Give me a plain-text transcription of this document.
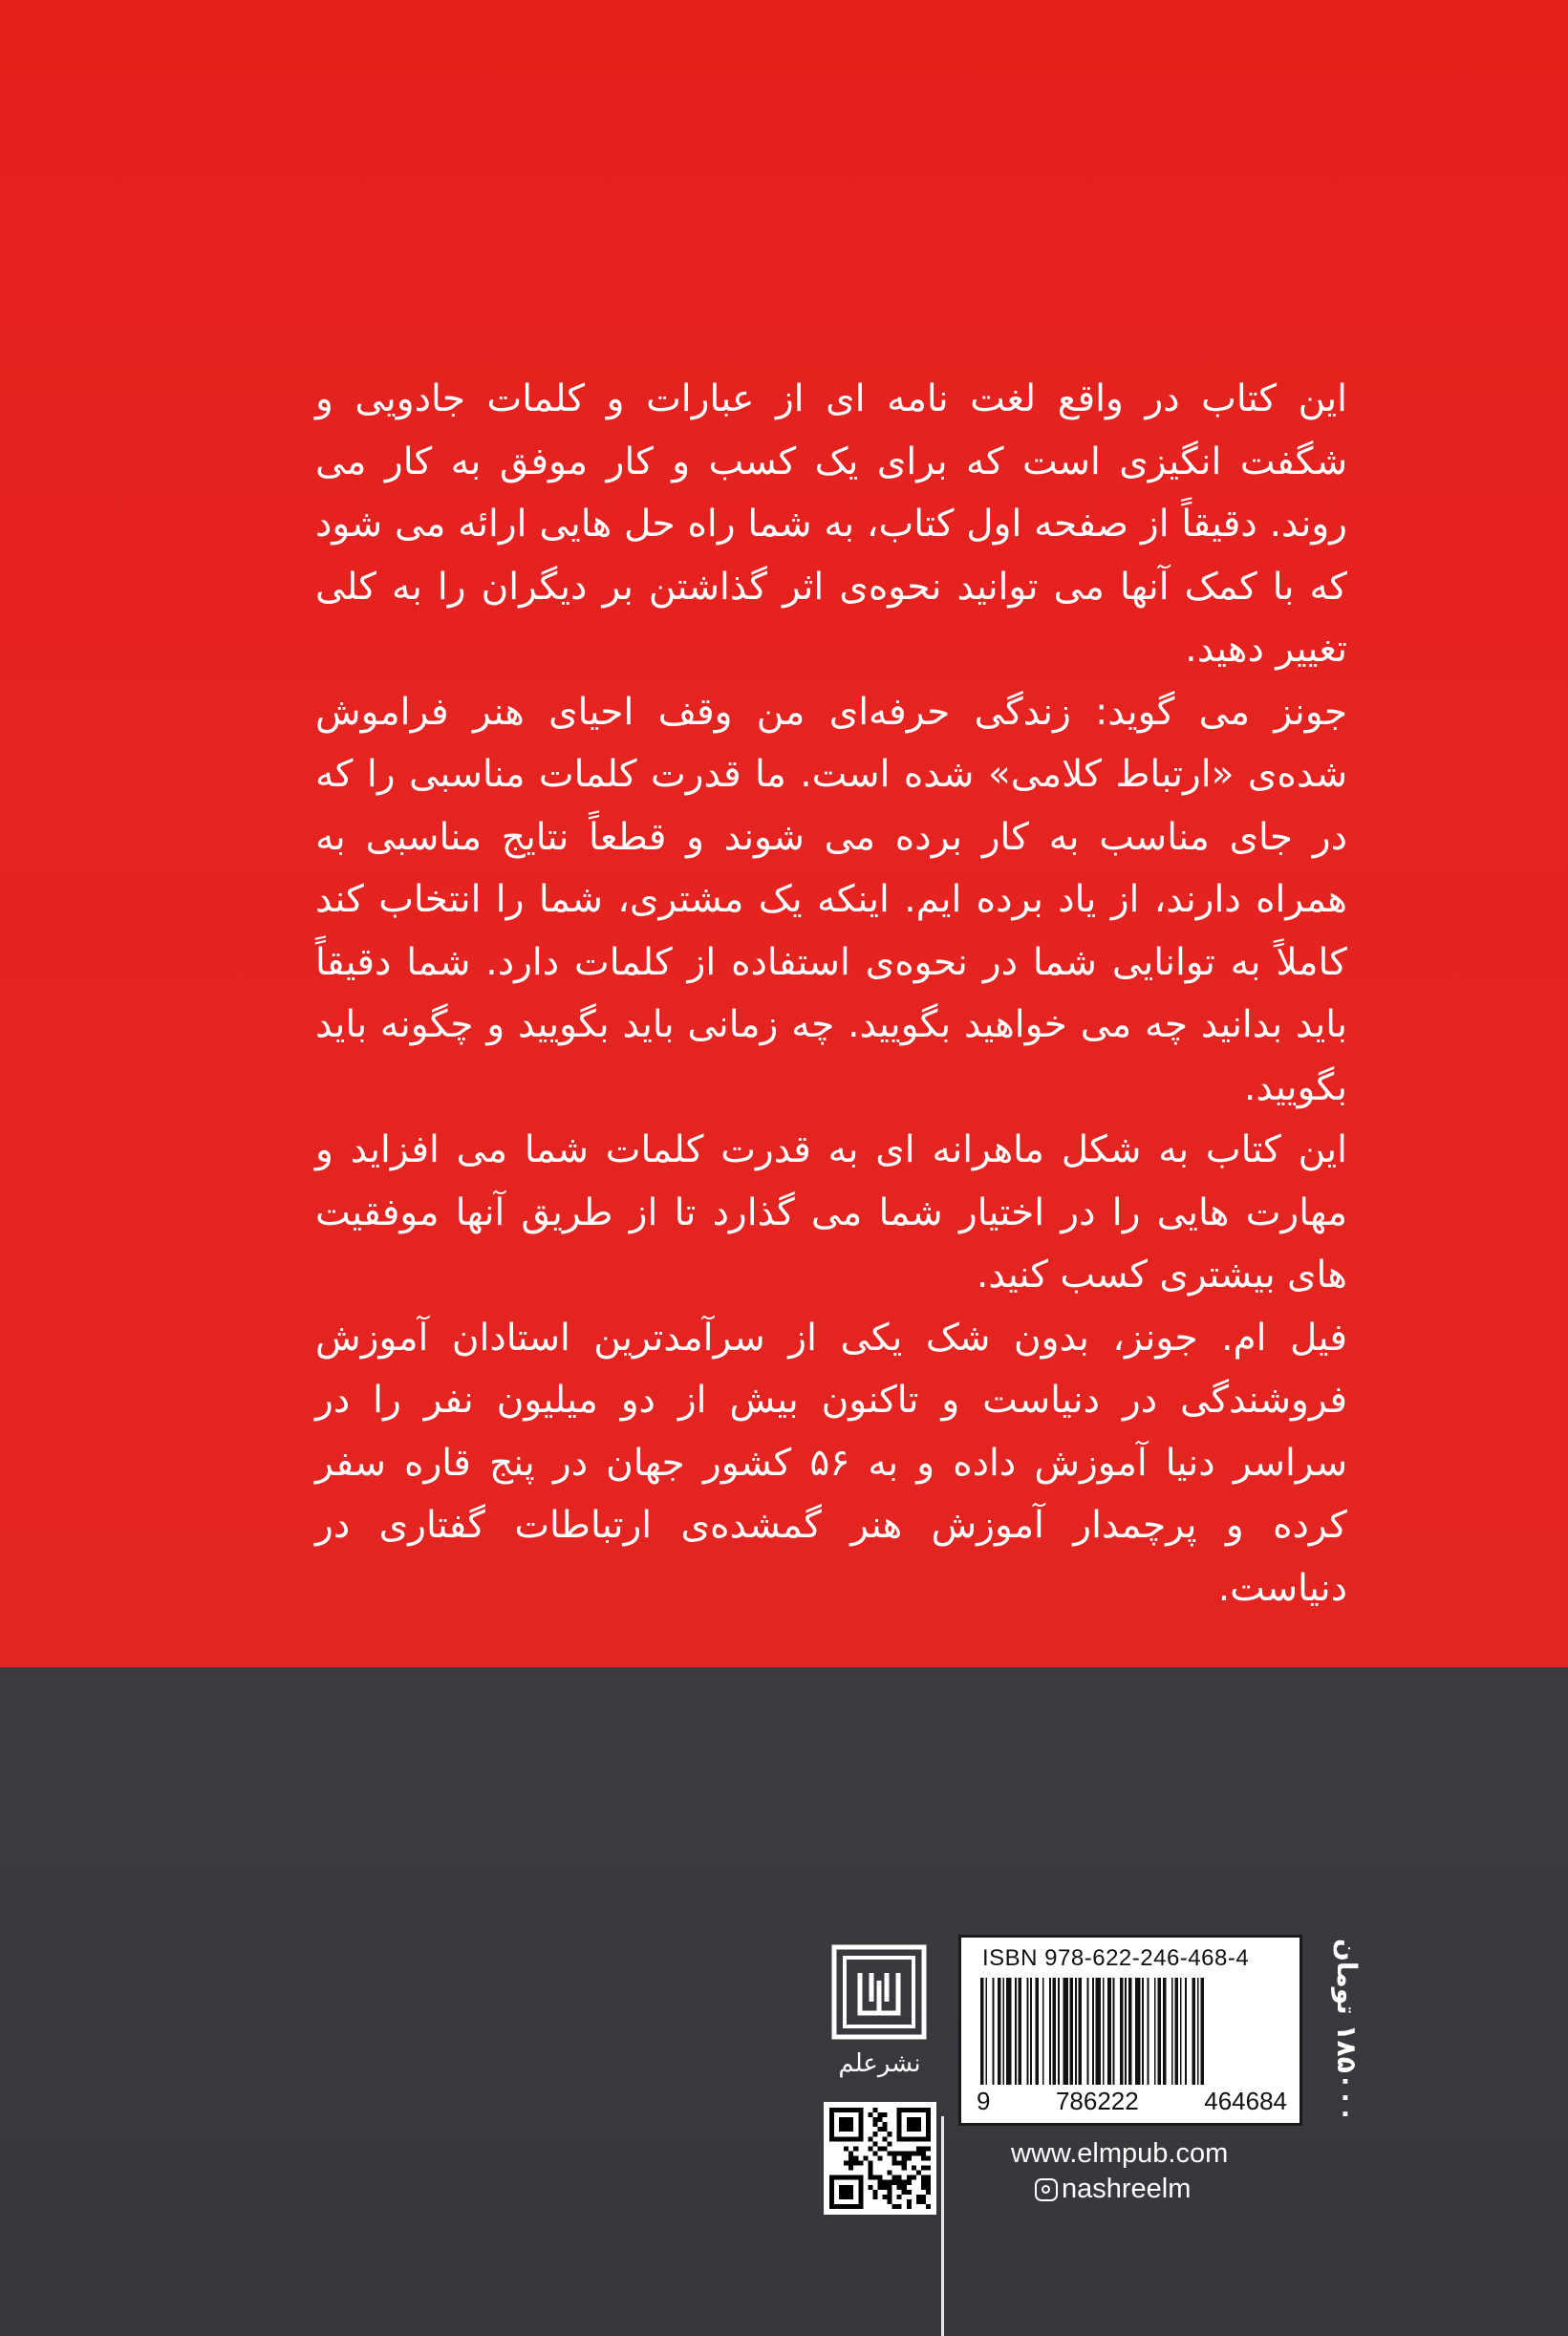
این کتاب در واقع لغت نامه ای از عبارات و کلمات جادویی و شگفت انگیزی است که برای یک کسب و کار موفق به کار می روند. دقیقاً از صفحه اول کتاب، به شما راه حل هایی ارائه می شود که با کمک آنها می توانید نحوه‌ی اثر گذاشتن بر دیگران را به کلی تغییر دهید.

جونز می گوید: زندگی حرفه‌ای من وقف احیای هنر فراموش شده‌ی «ارتباط کلامی» شده است. ما قدرت کلمات مناسبی را که در جای مناسب به کار برده می شوند و قطعاً نتایج مناسبی به همراه دارند، از یاد برده ایم. اینکه یک مشتری، شما را انتخاب کند کاملاً به توانایی شما در نحوه‌ی استفاده از کلمات دارد. شما دقیقاً باید بدانید چه می خواهید بگویید. چه زمانی باید بگویید و چگونه باید بگویید.

این کتاب به شکل ماهرانه ای به قدرت کلمات شما می افزاید و مهارت هایی را در اختیار شما می گذارد تا از طریق آنها موفقیت های بیشتری کسب کنید.

فیل ام. جونز، بدون شک یکی از سرآمدترین استادان آموزش فروشندگی در دنیاست و تاکنون بیش از دو میلیون نفر را در سراسر دنیا آموزش داده و به ۵۶ کشور جهان در پنج قاره سفر کرده و پرچمدار آموزش هنر گمشده‌ی ارتباطات گفتاری در دنیاست.

نشرعلم
ISBN 978-622-246-468-4
9	786222	464684
۱۸۵۰۰۰ تومان
www.elmpub.com
nashreelm
